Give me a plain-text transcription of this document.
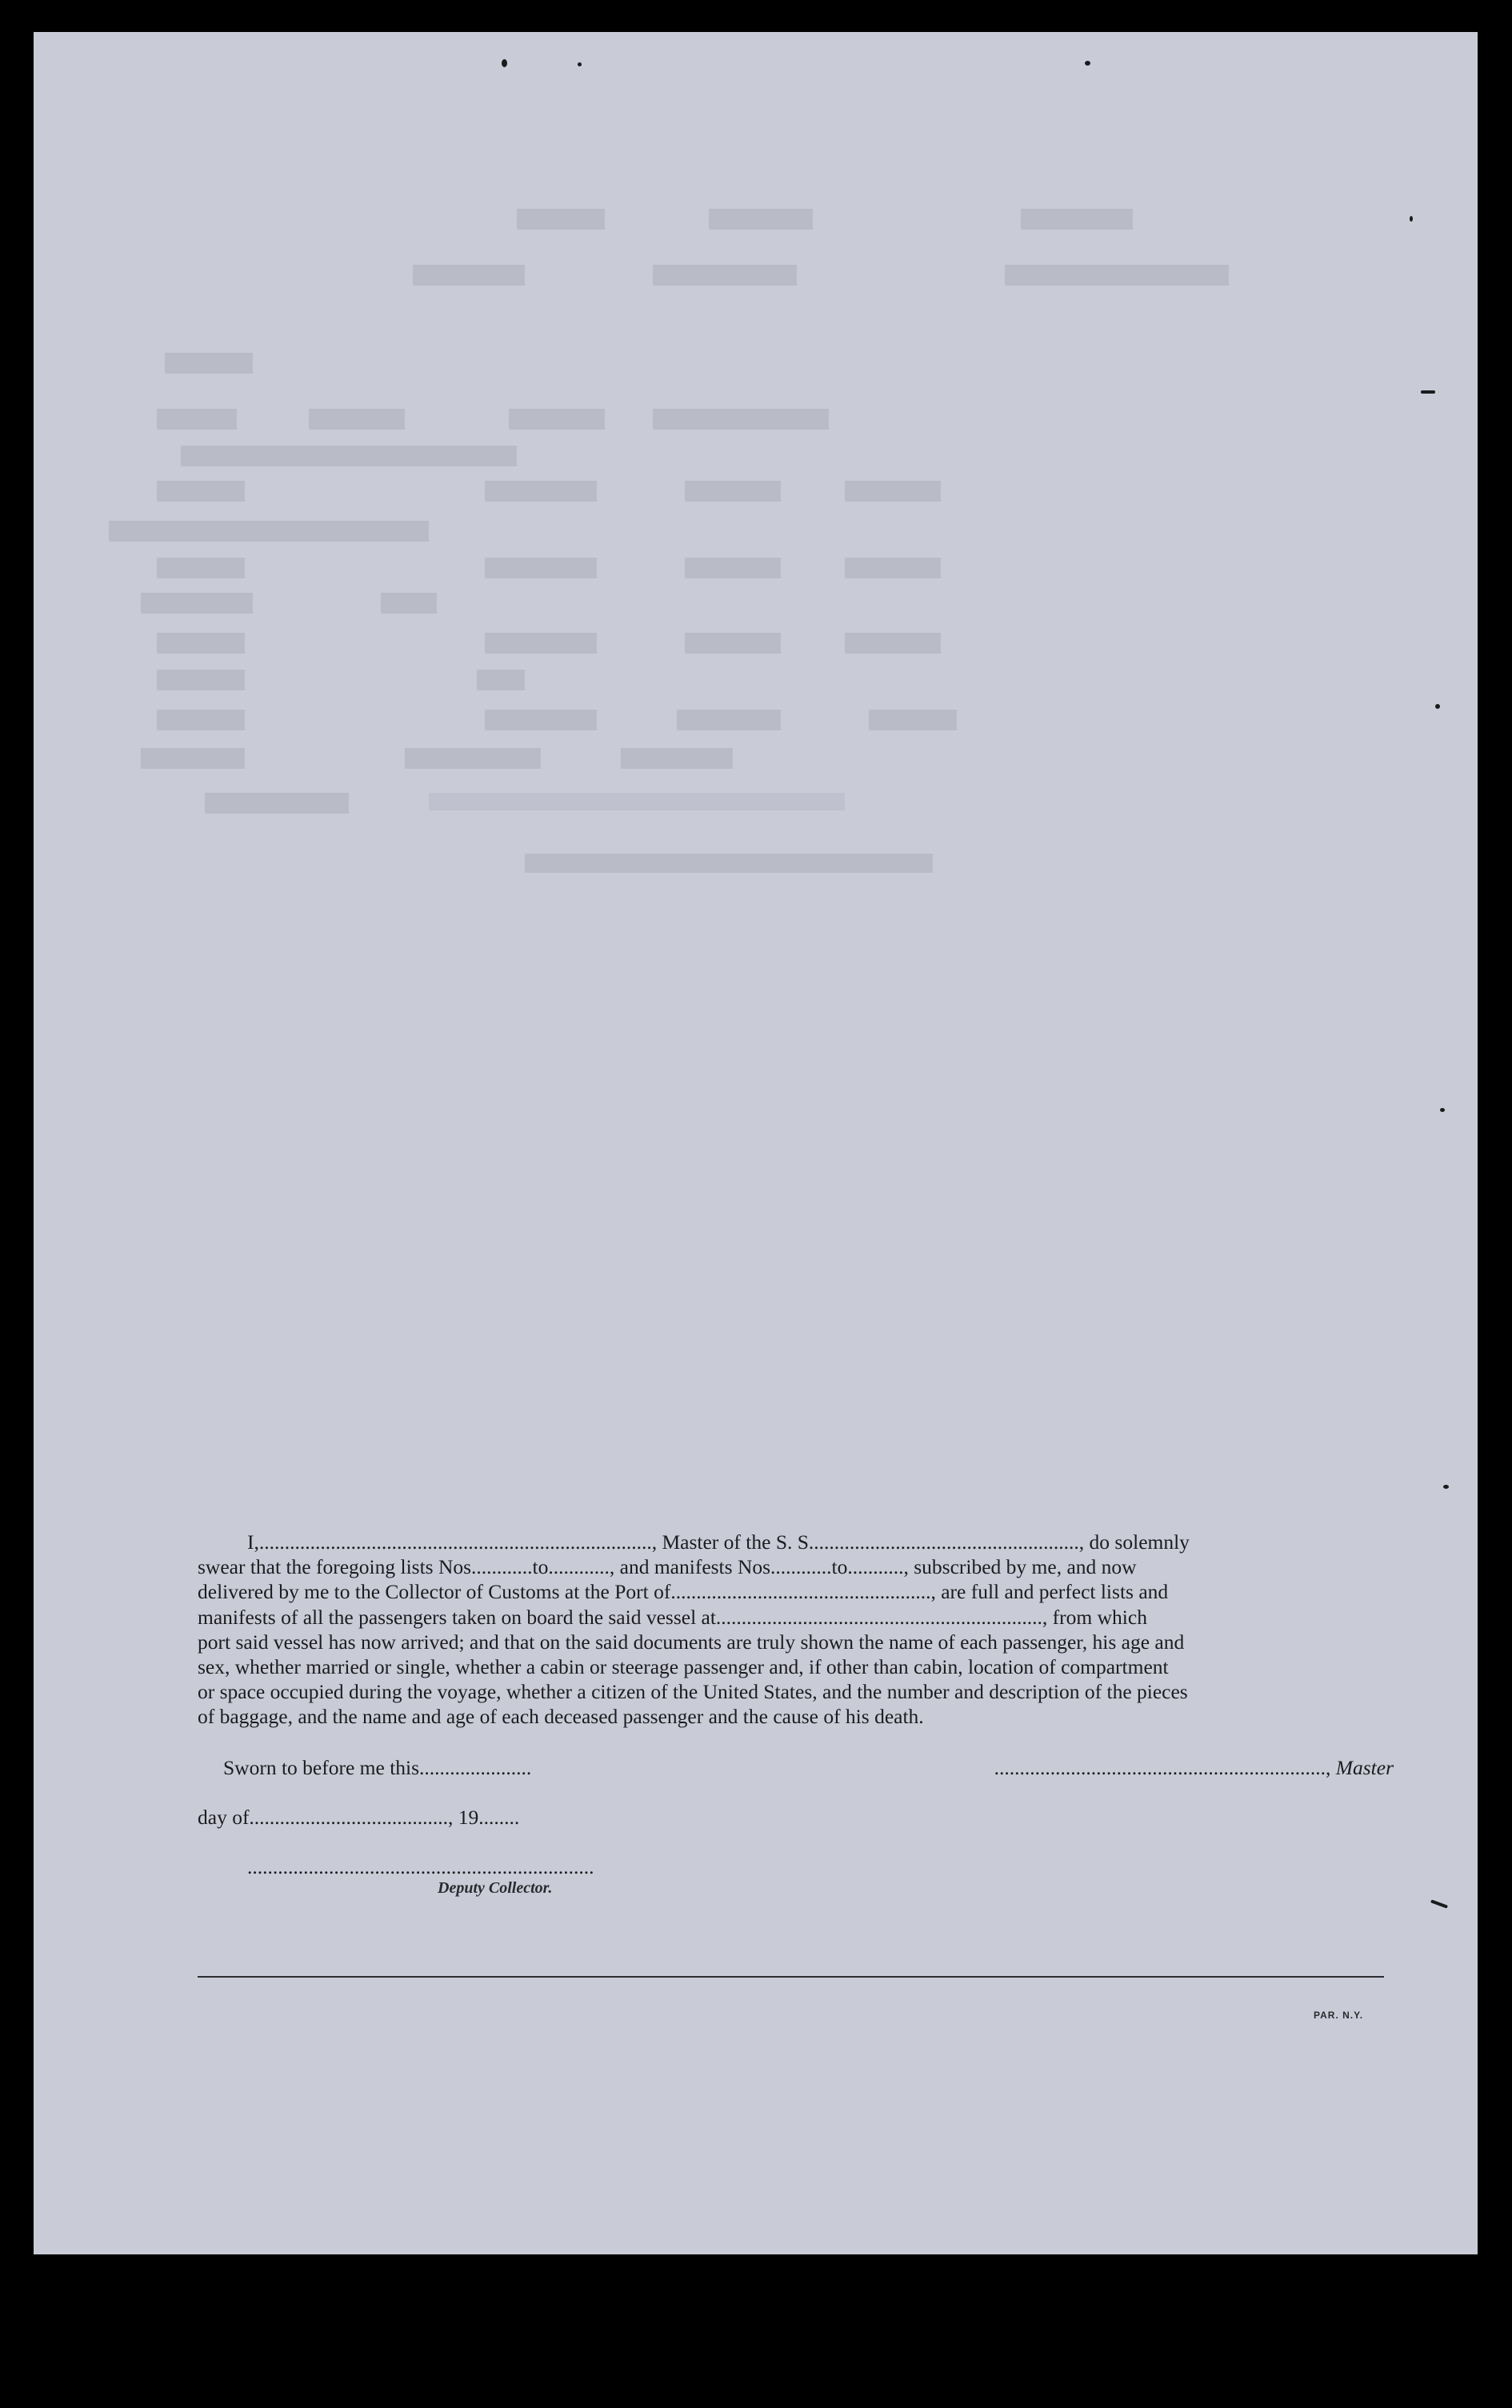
I,............................................................................., Master of the S. S....................................................., do solemnly
swear that the foregoing lists Nos............to............, and manifests Nos............to..........., subscribed by me, and now
delivered by me to the Collector of Customs at the Port of..................................................., are full and perfect lists and
manifests of all the passengers taken on board the said vessel at................................................................, from which
port said vessel has now arrived; and that on the said documents are truly shown the name of each passenger, his age and
sex, whether married or single, whether a cabin or steerage passenger and, if other than cabin, location of compartment
or space occupied during the voyage, whether a citizen of the United States, and the number and description of the pieces
of baggage, and the name and age of each deceased passenger and the cause of his death.
Sworn to before me this......................	................................................................., Master
day of......................................., 19........
....................................................................
Deputy Collector.
PAR. N.Y.
